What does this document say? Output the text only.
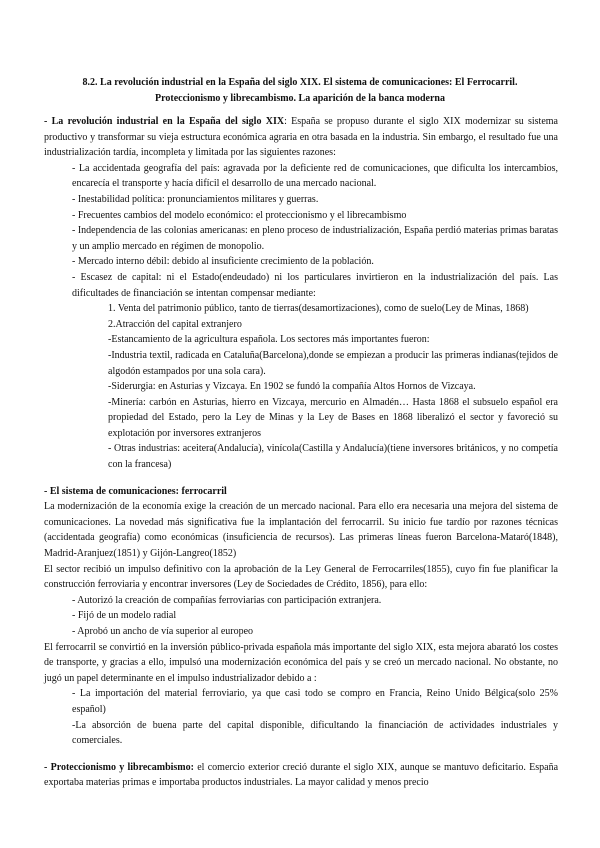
8.2. La revolución industrial en la España del siglo XIX. El sistema de comunicaciones: El Ferrocarril.
Proteccionismo y librecambismo. La aparición de la banca moderna

- La revolución industrial en la España del siglo XIX: España se propuso durante el siglo XIX modernizar su sistema productivo y transformar su vieja estructura económica agraria en otra basada en la industria. Sin embargo, el resultado fue una industrialización tardía, incompleta y limitada por las siguientes razones:

- La accidentada geografía del país: agravada por la deficiente red de comunicaciones, que dificulta los intercambios, encarecía el transporte y hacía difícil el desarrollo de una mercado nacional.

- Inestabilidad política: pronunciamientos militares y guerras.

- Frecuentes cambios del modelo económico: el proteccionismo y el librecambismo

- Independencia de las colonias americanas: en pleno proceso de industrialización, España perdió materias primas baratas y un amplio mercado en régimen de monopolio.

- Mercado interno débil: debido al insuficiente crecimiento de la población.

- Escasez de capital: ni el Estado(endeudado) ni los particulares invirtieron en la industrialización del país. Las dificultades de financiación se intentan compensar mediante:

1. Venta del patrimonio público, tanto de tierras(desamortizaciones), como de suelo(Ley de Minas, 1868)

2.Atracción del capital extranjero

-Estancamiento de la agricultura española. Los sectores más importantes fueron:

-Industria textil, radicada en Cataluña(Barcelona),donde se empiezan a producir las primeras indianas(tejidos de algodón estampados por una sola cara).

-Siderurgia: en Asturias y Vizcaya. En 1902 se fundó la compañía Altos Hornos de Vizcaya.

-Minería: carbón en Asturias, hierro en Vizcaya, mercurio en Almadén… Hasta 1868 el subsuelo español era propiedad del Estado, pero la Ley de Minas y la Ley de Bases en 1868 liberalizó el sector y favoreció su explotación por inversores extranjeros

- Otras industrias: aceitera(Andalucía), vinícola(Castilla y Andalucía)(tiene inversores británicos, y no competía con la francesa)

- El sistema de comunicaciones: ferrocarril

La modernización de la economía exige la creación de un mercado nacional. Para ello era necesaria una mejora del sistema de comunicaciones. La novedad más significativa fue la implantación del ferrocarril. Su inicio fue tardío por razones técnicas (accidentada geografía) como económicas (insuficiencia de recursos). Las primeras líneas fueron Barcelona-Mataró(1848), Madrid-Aranjuez(1851) y Gijón-Langreo(1852)

El sector recibió un impulso definitivo con la aprobación de la Ley General de Ferrocarriles(1855), cuyo fin fue planificar la construcción ferroviaria y encontrar inversores (Ley de Sociedades de Crédito, 1856), para ello:

- Autorizó la creación de compañías ferroviarias con participación extranjera.

- Fijó de un modelo radial

- Aprobó un ancho de vía superior al europeo

El ferrocarril se convirtió en la inversión público-privada española más importante del siglo XIX, esta mejora abarató los costes de transporte, y gracias a ello, impulsó una modernización económica del país y se creó un mercado nacional. No obstante, no jugó un papel determinante en el impulso industrializador debido a :

- La importación del material ferroviario, ya que casi todo se compro en Francia, Reino Unido Bélgica(solo 25% español)

-La absorción de buena parte del capital disponible, dificultando la financiación de actividades industriales y comerciales.

- Proteccionismo y librecambismo: el comercio exterior creció durante el siglo XIX, aunque se mantuvo deficitario. España exportaba materias primas e importaba productos industriales. La mayor calidad y menos precio
